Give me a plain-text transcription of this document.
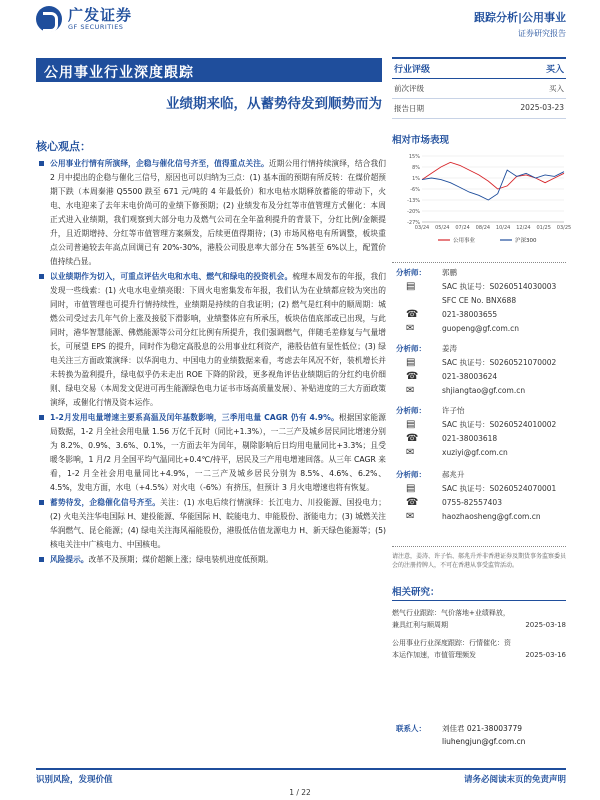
广发证券
GF SECURITIES
跟踪分析|公用事业
证券研究报告
公用事业行业深度跟踪
业绩期来临，从蓄势待发到顺势而为
行业评级	买入
前次评级	买入
报告日期	2025-03-23
核心观点：	相对市场表现

公用事业行情有所演绎，企稳与催化信号齐至，值得重点关注。近期公用行情持续演绎，结合我们 2 月中提出的企稳与催化三信号，原因也可以归纳为三点：(1) 基本面的预期有所反转：在煤价超预期下跌（本周秦港 Q5500 跌至 671 元/吨的 4 年最低价）和水电枯水期释放蓄能的带动下，火电、水电迎来了去年末电价尚可的业绩下修预期；(2) 业绩发布及分红等市值管理方式催化：本周正式进入业绩期，我们观察到大部分电力及燃气公司在全年盈利提升的背景下，分红比例/金额提升，且近期增持、分红等市值管理方案频发，后续更值得期待；(3) 市场风格电有所调整，板块重点公司普遍较去年高点回调已有 20%-30%，港股公司股息率大部分在 5%甚至 6%以上，配置价值持续凸显。

以业绩期作为切入，可重点评估火电和水电、燃气和绿电的投资机会。梳理本周发布的年报，我们发现一些线索：(1) 火电水电业绩亮眼：下周火电密集发布年报，我们认为在业绩都应较为突出的同时，市值管理也可提升行情持续性，业绩期是持续的自我证明；(2) 燃气是红利中的顺周期：城燃公司受过去几年气价上涨及接驳下滑影响，业绩整体应有所承压，板块估值底部或已出现，与此同时，港华智慧能源、佛燃能源等公司分红比例有所提升，我们强调燃气，伴随毛差修复与气量增长，可展望 EPS 的提升，同时作为稳定高股息的公用事业红利资产，港股估值有显性低位；(3) 绿电关注三方面政策演绎：以华润电力、中国电力的业绩数据来看，考虑去年风况不好，装机增长并未转换为盈利提升，绿电似乎仍未走出 ROE 下降的阶段，更多视角评估业绩期后的分红约电价细则、绿电交易（本周发文促进可再生能源绿色电力证书市场高质量发展）、补贴进度的三大方面政策演绎，或催化行情及资本运作。

1-2月发用电量增速主要系高温及闰年基数影响，三季用电量 CAGR 仍有 4.9%。根据国家能源局数据，1-2 月全社会用电量 1.56 万亿千瓦时（同比+1.3%），一二三产及城乡居民同比增速分别为 8.2%、0.9%、3.6%、0.1%，一方面去年为闰年，剔除影响后日均用电量同比+3.3%；且受暖冬影响，1 月/2 月全国平均气温同比+0.4℃/持平，居民及三产用电增速回落。从三年 CAGR 来看，1-2 月全社会用电量同比+4.9%，一二三产及城乡居民分别为 8.5%、4.6%、6.2%、4.5%，发电方面，水电（+4.5%）对火电（-6%）有挤压，但预计 3 月火电增速也将有恢复。

蓄势待发，企稳催化信号齐至。关注：(1) 水电后续行情演绎：长江电力、川投能源、国投电力；(2) 火电关注华电国际 H、建投能源、华能国际 H、皖能电力、申能股份、浙能电力；(3) 城燃关注华润燃气、昆仑能源；(4) 绿电关注海风福能股份，港股低估值龙源电力 H、新天绿色能源等；(5) 核电关注中广核电力、中国核电。

风险提示。改革不及预期；煤价超额上涨；绿电装机进度低预期。

15%
8%
1%
-6%
-13%
-20%
-27%
03/24 05/24 07/24 08/24 10/24 12/24 01/25 03/25
公用事业	沪深300
分析师： 郭鹏
▤	SAC 执证号：S0260514030003
SFC CE No. BNX688
☎	021-38003655
✉	guopeng@gf.com.cn
分析师： 姜涛
▤	SAC 执证号：S0260521070002
☎	021-38003624
✉	shjiangtao@gf.com.cn
分析师： 许子怡
▤	SAC 执证号：S0260524010002
☎	021-38003618
✉	xuziyi@gf.com.cn
分析师： 郝兆升
▤	SAC 执证号：S0260524070001
☎	0755-82557403
✉	haozhaosheng@gf.com.cn
请注意，姜涛、许子怡、郝兆升并非香港证券及期货事务监察委员会的注册持牌人，不可在香港从事受监管活动。
相关研究：
燃气行业跟踪：气价落地+业绩释放，兼具红利与顺周期	2025-03-18
公用事业行业深度跟踪：行情催化：资本运作加速，市值管理频发	2025-03-16
联系人： 刘佳君 021-38003779
liuhengjun@gf.com.cn
识别风险，发现价值	请务必阅读末页的免责声明
1 / 22
